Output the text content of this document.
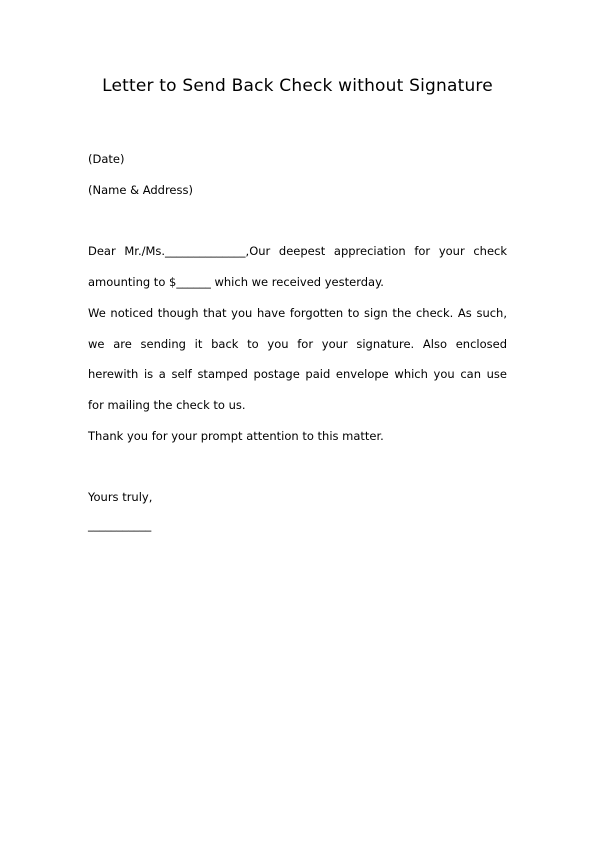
Letter to Send Back Check without Signature
(Date)
(Name & Address)
Dear Mr./Ms.______________,Our deepest appreciation for your check
amounting to $______ which we received yesterday.
We noticed though that you have forgotten to sign the check. As such,
we are sending it back to you for your signature. Also enclosed
herewith is a self stamped postage paid envelope which you can use
for mailing the check to us.
Thank you for your prompt attention to this matter.
Yours truly,
___________
